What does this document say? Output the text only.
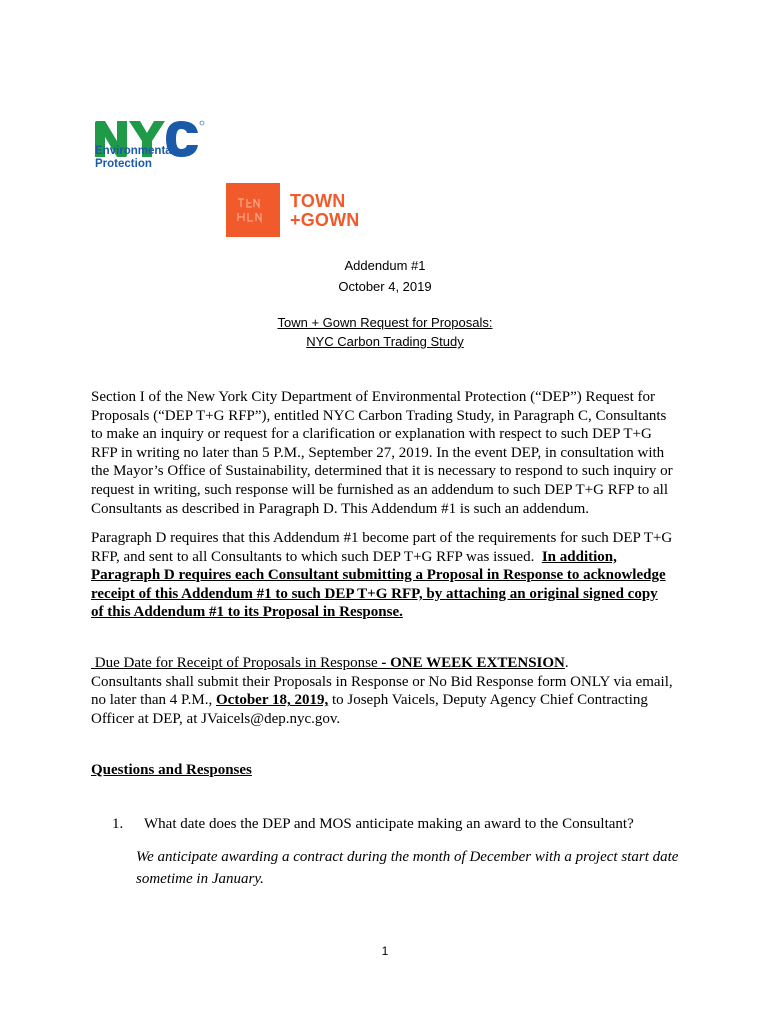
Environmental
Protection
TOWN
+GOWN
Addendum #1
October 4, 2019
Town + Gown Request for Proposals:
NYC Carbon Trading Study

Section I of the New York City Department of Environmental Protection (“DEP”) Request for

Proposals (“DEP T+G RFP”), entitled NYC Carbon Trading Study, in Paragraph C, Consultants

to make an inquiry or request for a clarification or explanation with respect to such DEP T+G

RFP in writing no later than 5 P.M., September 27, 2019. In the event DEP, in consultation with

the Mayor’s Office of Sustainability, determined that it is necessary to respond to such inquiry or

request in writing, such response will be furnished as an addendum to such DEP T+G RFP to all

Consultants as described in Paragraph D. This Addendum #1 is such an addendum.

Paragraph D requires that this Addendum #1 become part of the requirements for such DEP T+G

RFP, and sent to all Consultants to which such DEP T+G RFP was issued.  In addition,

Paragraph D requires each Consultant submitting a Proposal in Response to acknowledge

receipt of this Addendum #1 to such DEP T+G RFP, by attaching an original signed copy

of this Addendum #1 to its Proposal in Response.

Due Date for Receipt of Proposals in Response - ONE WEEK EXTENSION.

Consultants shall submit their Proposals in Response or No Bid Response form ONLY via email,

no later than 4 P.M., October 18, 2019, to Joseph Vaicels, Deputy Agency Chief Contracting

Officer at DEP, at JVaicels@dep.nyc.gov.

Questions and Responses
1. What date does the DEP and MOS anticipate making an award to the Consultant?
We anticipate awarding a contract during the month of December with a project start date
sometime in January.
1
